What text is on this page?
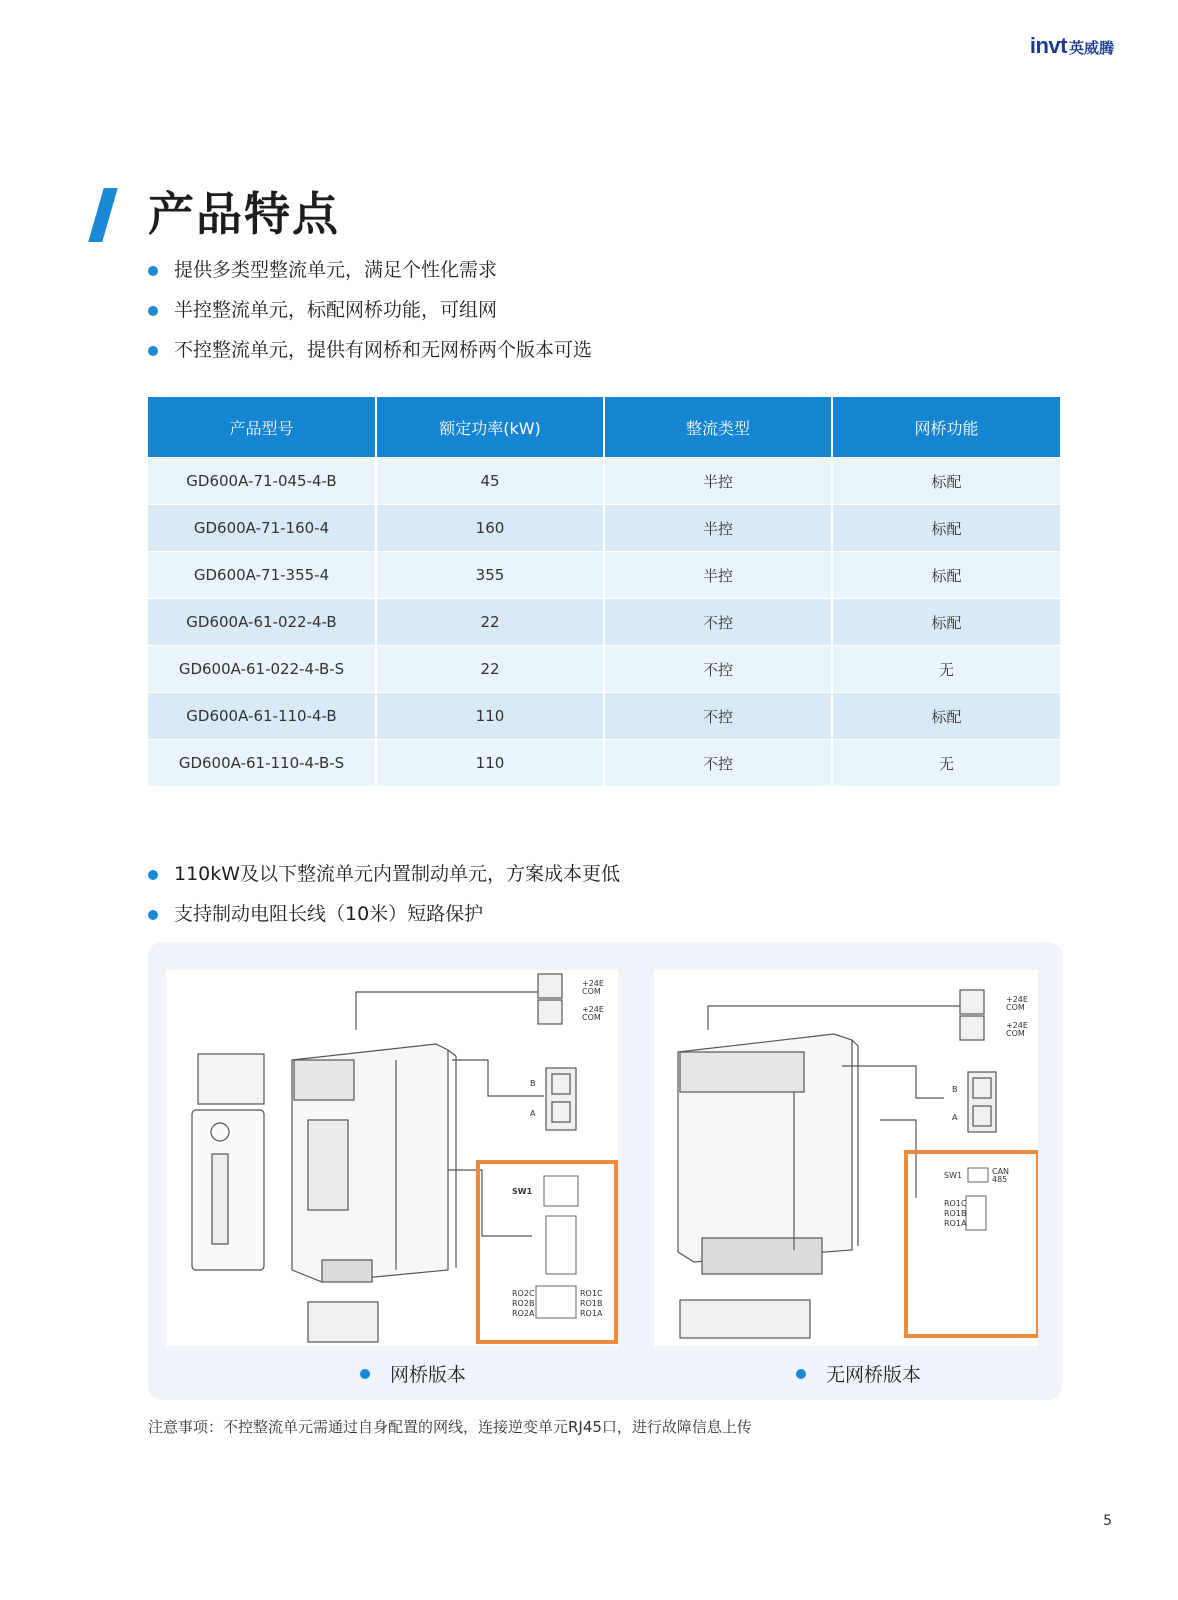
invt 英威腾
产品特点
提供多类型整流单元，满足个性化需求
半控整流单元，标配网桥功能，可组网
不控整流单元，提供有网桥和无网桥两个版本可选
产品型号	额定功率(kW)	整流类型	网桥功能
GD600A-71-045-4-B	45	半控	标配
GD600A-71-160-4	160	半控	标配
GD600A-71-355-4	355	半控	标配
GD600A-61-022-4-B	22	不控	标配
GD600A-61-022-4-B-S	22	不控	无
GD600A-61-110-4-B	110	不控	标配
GD600A-61-110-4-B-S	110	不控	无
110kW及以下整流单元内置制动单元，方案成本更低
支持制动电阻长线（10米）短路保护
+24E
COM
+24E
COM
B
A
SW1
RO2C
RO2B
RO2A
RO1C
RO1B
RO1A
+24E
COM
+24E
COM
B
A
SW1	CAN
485
RO1C
RO1B
RO1A
网桥版本	无网桥版本

注意事项：不控整流单元需通过自身配置的网线，连接逆变单元RJ45口，进行故障信息上传

5
